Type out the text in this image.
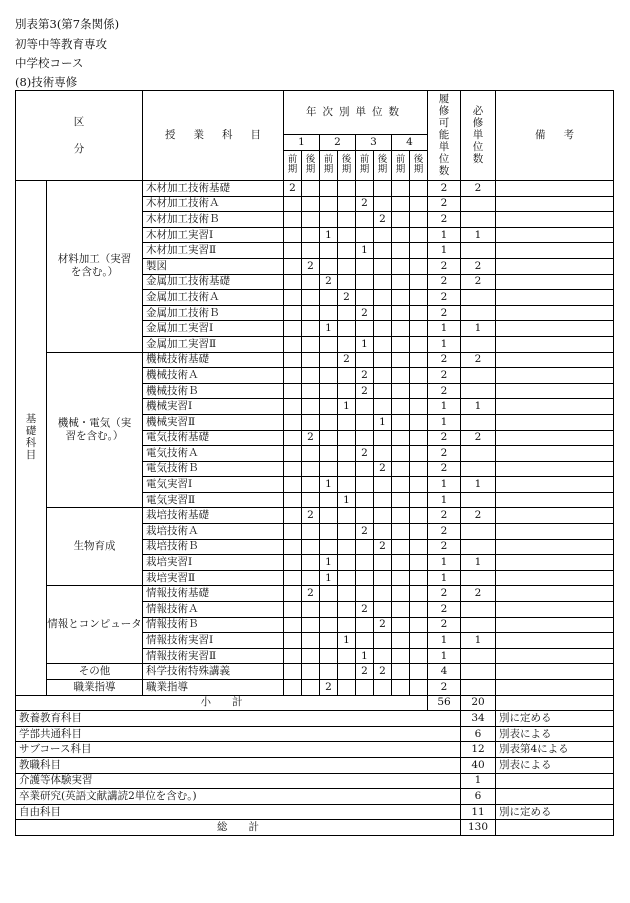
別表第3(第7条関係)
初等中等教育専攻
中学校コース
(8)技術専修
区
分		授業科目	年次別単位数								履修可能単位数	必修単位数	備考
			1		2		3		4				
			前期	後期	前期	後期	前期	後期	前期	後期			
基礎科目	材料加工（実習を含む。）	木材加工技術基礎	2								2	2	
		木材加工技術Ａ					2				2		
		木材加工技術Ｂ						2			2		
		木材加工実習Ⅰ			1						1	1	
		木材加工実習Ⅱ					1				1		
		製図		2							2	2	
		金属加工技術基礎			2						2	2	
		金属加工技術Ａ				2					2		
		金属加工技術Ｂ					2				2		
		金属加工実習Ⅰ			1						1	1	
		金属加工実習Ⅱ					1				1		
	機械・電気（実習を含む。）	機械技術基礎				2					2	2	
		機械技術Ａ					2				2		
		機械技術Ｂ					2				2		
		機械実習Ⅰ				1					1	1	
		機械実習Ⅱ						1			1		
		電気技術基礎		2							2	2	
		電気技術Ａ					2				2		
		電気技術Ｂ						2			2		
		電気実習Ⅰ			1						1	1	
		電気実習Ⅱ				1					1		
	生物育成	栽培技術基礎		2							2	2	
		栽培技術Ａ					2				2		
		栽培技術Ｂ						2			2		
		栽培実習Ⅰ			1						1	1	
		栽培実習Ⅱ			1						1		
	情報とコンピュータ	情報技術基礎		2							2	2	
		情報技術Ａ					2				2		
		情報技術Ｂ						2			2		
		情報技術実習Ⅰ				1					1	1	
		情報技術実習Ⅱ					1				1		
	その他	科学技術特殊講義					2	2			4		
	職業指導	職業指導			2						2		
小　　計											56	20	
教養教育科目												34	別に定める
学部共通科目												6	別表による
サブコース科目												12	別表第4による
教職科目												40	別表による
介護等体験実習												1	
卒業研究(英語文献講読2単位を含む。)												6	
自由科目												11	別に定める
総　　計												130	
